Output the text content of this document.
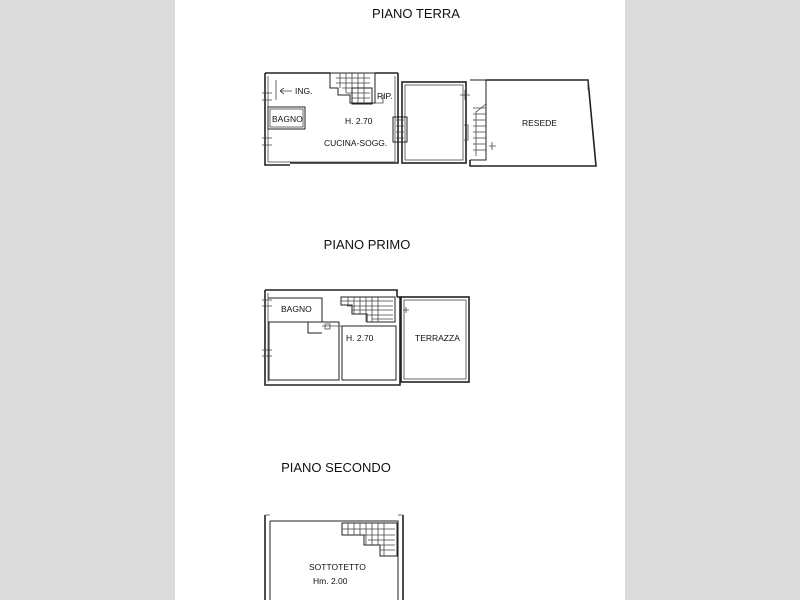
PIANO TERRA
ING.
BAGNO
RIP.
H. 2.70
CUCINA-SOGG.
RESEDE
PIANO PRIMO
BAGNO
H. 2.70	TERRAZZA
PIANO SECONDO
SOTTOTETTO
Hm. 2.00
